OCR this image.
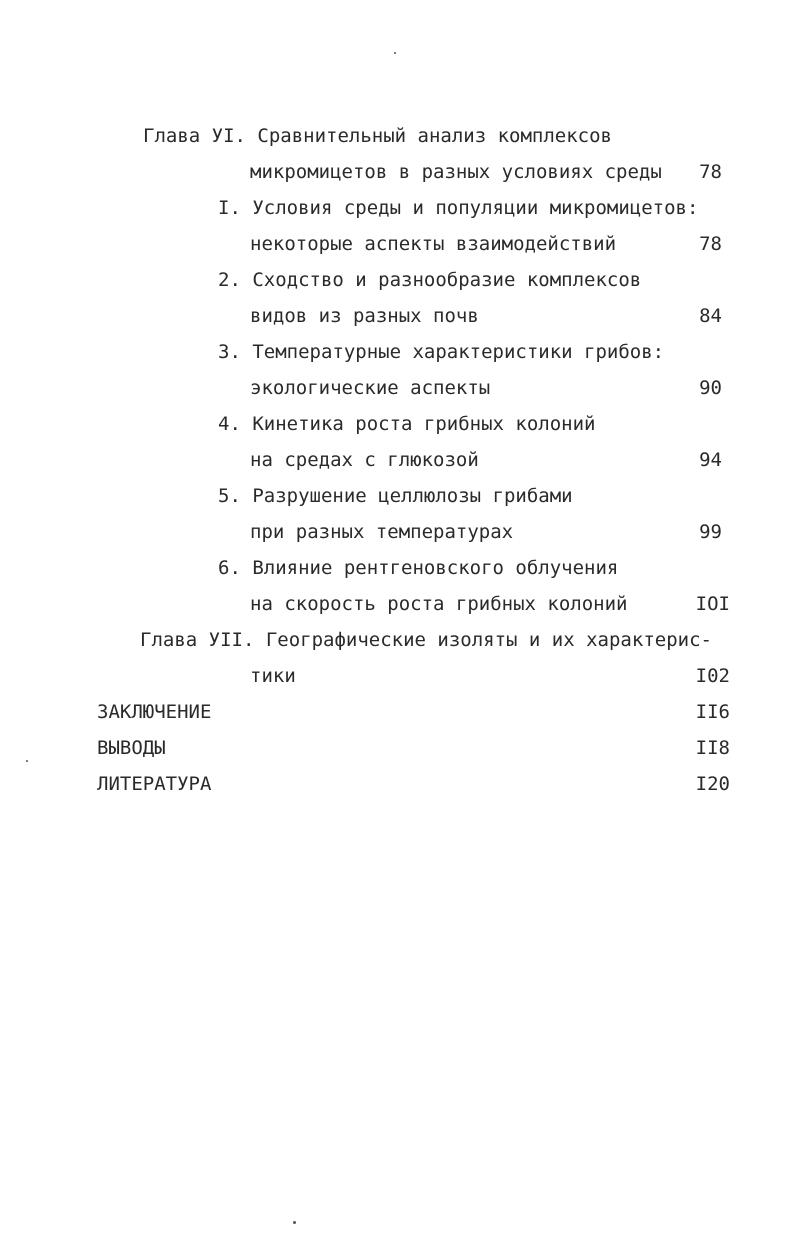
Глава УI. Сравнительный анализ комплексов
микромицетов в разных условиях среды	78
I. Условия среды и популяции микромицетов:
некоторые аспекты взаимодействий	78
2. Сходство и разнообразие комплексов
видов из разных почв	84
3. Температурные характеристики грибов:
экологические аспекты	90
4. Кинетика роста грибных колоний
на средах с глюкозой	94
5. Разрушение целлюлозы грибами
при разных температурах	99
6. Влияние рентгеновского облучения
на скорость роста грибных колоний	IOI
Глава УII. Географические изоляты и их характерис-
тики	I02
ЗАКЛЮЧЕНИЕ	II6
ВЫВОДЫ	II8
ЛИТЕРАТУРА	I20
